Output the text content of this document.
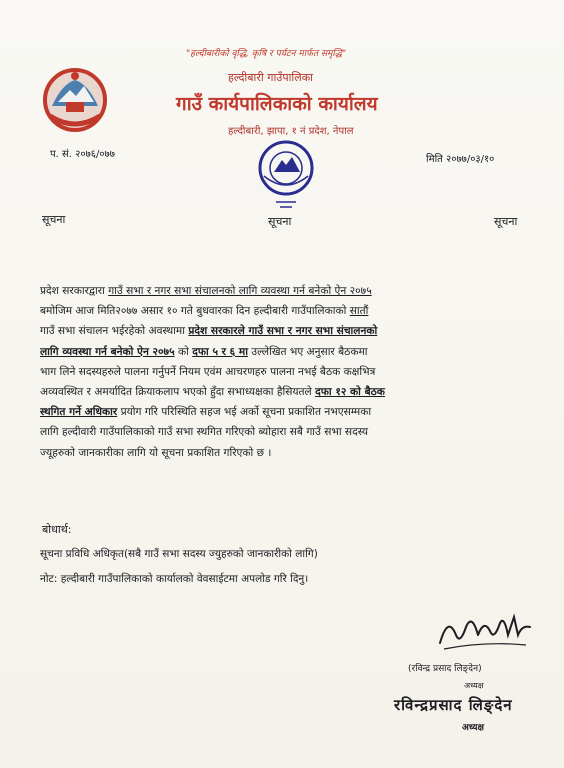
"हल्दीबारीको वृद्धि, कृषि र पर्यटन मार्फत समृद्धि"
हल्दीबारी गाउँपालिका
गाउँ कार्यपालिकाको कार्यालय
हल्दीबारी, झापा, १ नं प्रदेश, नेपाल
प. सं. २०७६/०७७	मिति २०७७/०३/१०
सूचना	सूचना	सूचना
प्रदेश सरकारद्वारा गाउँ सभा र नगर सभा संचालनको लागि व्यवस्था गर्न बनेको ऐन २०७५
बमोजिम आज मिति२०७७ असार १० गते बुधवारका दिन हल्दीबारी गाउँपालिकाको सातौं
गाउँ सभा संचालन भईरहेको अवस्थामा प्रदेश सरकारले गाउँ सभा र नगर सभा संचालनको
लागि व्यवस्था गर्न बनेको ऐन २०७५ को दफा ५ र ६ मा उल्लेखित भए अनुसार बैठकमा
भाग लिने सदस्यहरुले पालना गर्नुपर्ने नियम एवंम आचरणहरु पालना नभई बैठक कक्षभित्र
अव्यवस्थित र अमर्यादित क्रियाकलाप भएको हुँदा सभाध्यक्षका हैसियतले दफा १२ को बैठक
स्थगित गर्ने अधिकार प्रयोग गरि परिस्थिति सहज भई अर्को सूचना प्रकाशित नभएसम्मका
लागि हल्दीवारी गाउँपालिकाको गाउँ सभा स्थगित गरिएको ब्योहारा सबै गाउँ सभा सदस्य
ज्यूहरुको जानकारीका लागि यो सूचना प्रकाशित गरिएको छ ।
बोधार्थ:
सूचना प्रविधि अधिकृत(सबै गाउँ सभा सदस्य ज्युहरुको जानकारीको लागि)
नोट: हल्दीबारी गाउँपालिकाको कार्यालको वेवसाईटमा अपलोड गरि दिनु।
(रविन्द्र प्रसाद लिङ्देन)
अध्यक्ष
रविन्द्रप्रसाद लिङ्देन
अध्यक्ष
